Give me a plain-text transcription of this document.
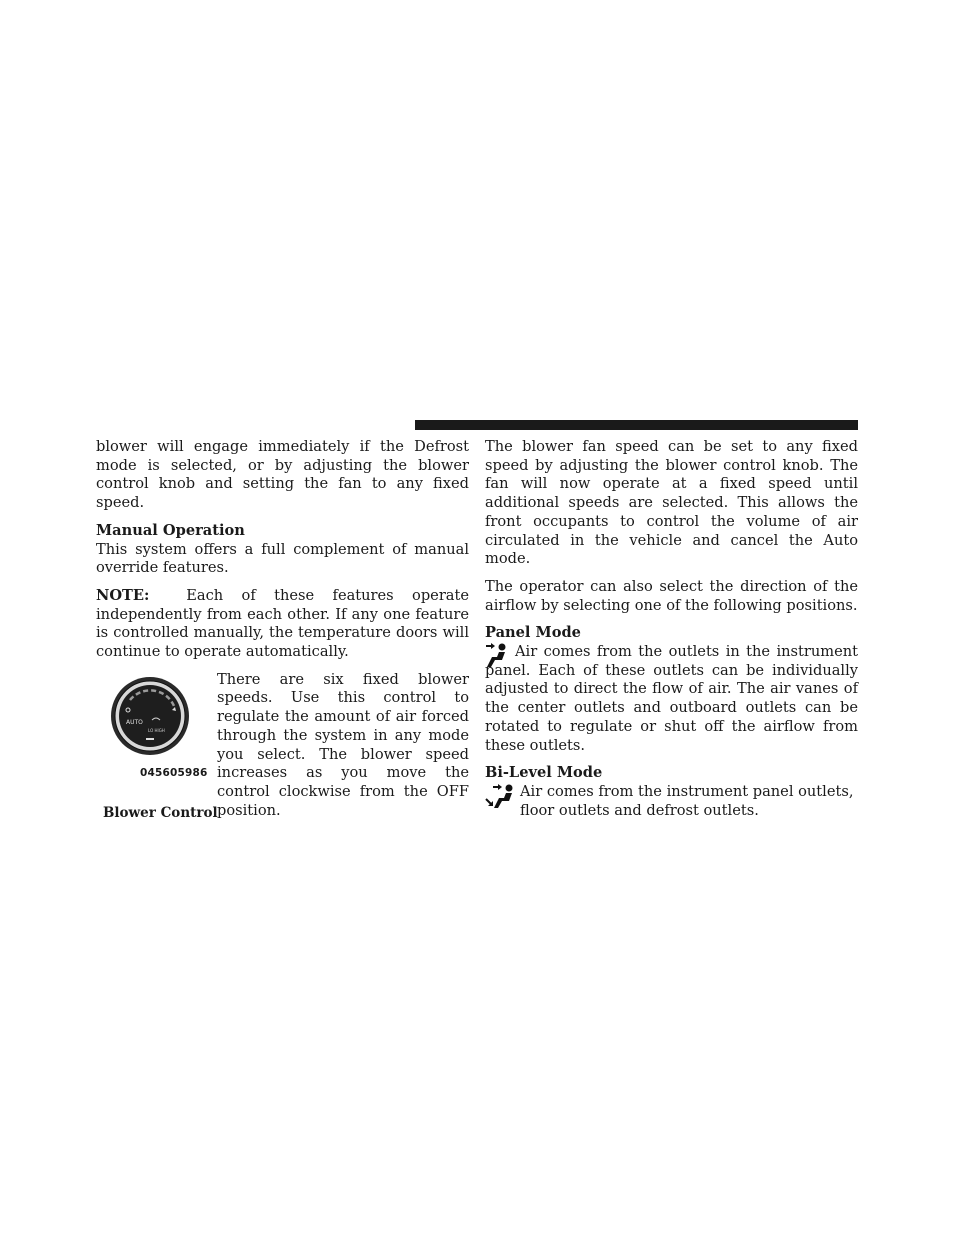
blower will engage immediately if the Defrost mode is selected, or by adjusting the blower control knob and setting the fan to any fixed speed.

Manual Operation

This system offers a full complement of manual override features.

NOTE:	Each of these features operate independently from each other. If any one feature is controlled manually, the temperature doors will continue to operate automatically.

AUTO
LO HIGH
045605986
Blower Control
There are six fixed blower speeds. Use this control to regulate the amount of air forced through the system in any mode you select. The blower speed increases as you move the control clockwise from the OFF position.

The blower fan speed can be set to any fixed speed by adjusting the blower control knob. The fan will now operate at a fixed speed until additional speeds are selected. This allows the front occupants to control the volume of air circulated in the vehicle and cancel the Auto mode.

The operator can also select the direction of the airflow by selecting one of the following positions.

Panel Mode

Air comes from the outlets in the instrument panel. Each of these outlets can be individually adjusted to direct the flow of air. The air vanes of the center outlets and outboard outlets can be rotated to regulate or shut off the airflow from these outlets.

Bi-Level Mode

Air comes from the instrument panel outlets, floor outlets and defrost outlets.
